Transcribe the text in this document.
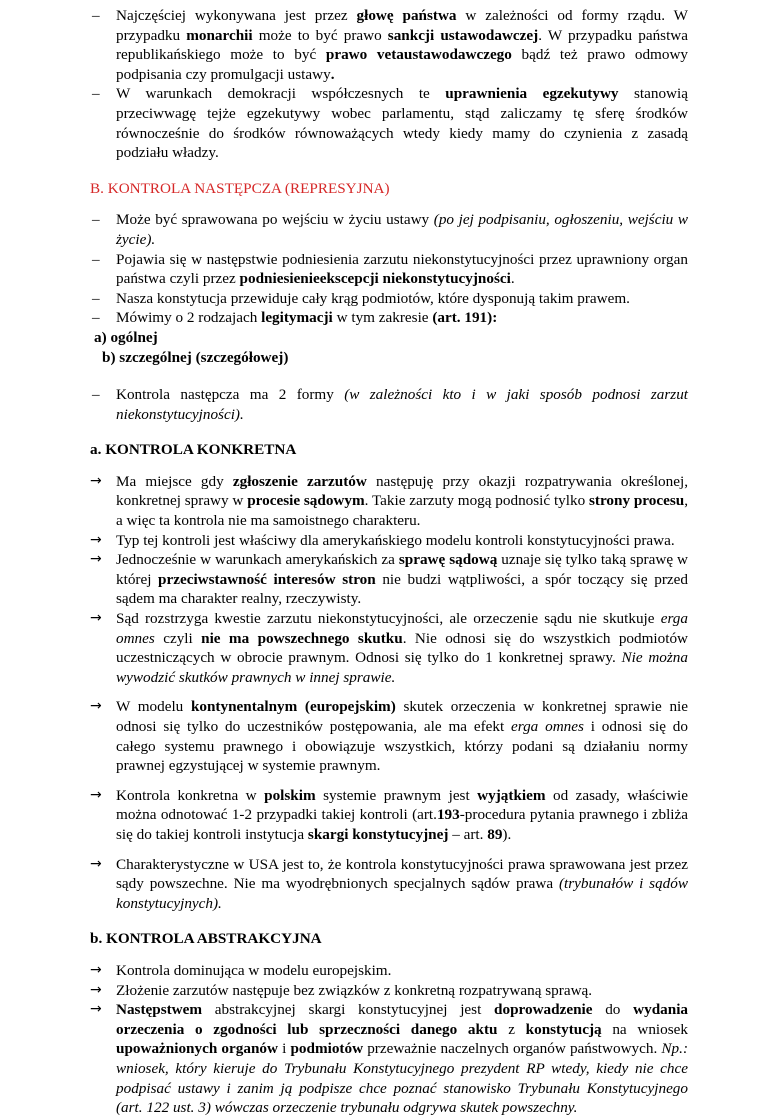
–	Najczęściej wykonywana jest przez głowę państwa w zależności od formy rządu. W przypadku monarchii może to być prawo sankcji ustawodawczej. W przypadku państwa republikańskiego może to być prawo vetaustawodawczego bądź też prawo odmowy podpisania czy promulgacji ustawy.
–	W warunkach demokracji współczesnych te uprawnienia egzekutywy stanowią przeciwwagę tejże egzekutywy wobec parlamentu, stąd zaliczamy tę sferę środków równocześnie do środków równoważących wtedy kiedy mamy do czynienia z zasadą podziału władzy.
B. KONTROLA NASTĘPCZA (REPRESYJNA)
–	Może być sprawowana po wejściu w życiu ustawy (po jej podpisaniu, ogłoszeniu, wejściu w życie).
–	Pojawia się w następstwie podniesienia zarzutu niekonstytucyjności przez uprawniony organ państwa czyli przez podniesienieekscepcji niekonstytucyjności.
–	Nasza konstytucja przewiduje cały krąg podmiotów, które dysponują takim prawem.
–	Mówimy o 2 rodzajach legitymacji w tym zakresie (art. 191):
a) ogólnej
b) szczególnej (szczegółowej)
–	Kontrola następcza ma 2 formy (w zależności kto i w jaki sposób podnosi zarzut niekonstytucyjności).
a. KONTROLA KONKRETNA
→ Ma miejsce gdy zgłoszenie zarzutów następuję przy okazji rozpatrywania określonej, konkretnej sprawy w procesie sądowym. Takie zarzuty mogą podnosić tylko strony procesu, a więc ta kontrola nie ma samoistnego charakteru.
→ Typ tej kontroli jest właściwy dla amerykańskiego modelu kontroli konstytucyjności prawa.
→ Jednocześnie w warunkach amerykańskich za sprawę sądową uznaje się tylko taką sprawę w której przeciwstawność interesów stron nie budzi wątpliwości, a spór toczący się przed sądem ma charakter realny, rzeczywisty.
→ Sąd rozstrzyga kwestie zarzutu niekonstytucyjności, ale orzeczenie sądu nie skutkuje erga omnes czyli nie ma powszechnego skutku. Nie odnosi się do wszystkich podmiotów uczestniczących w obrocie prawnym. Odnosi się tylko do 1 konkretnej sprawy. Nie można wywodzić skutków prawnych w innej sprawie.
→ W modelu kontynentalnym (europejskim) skutek orzeczenia w konkretnej sprawie nie odnosi się tylko do uczestników postępowania, ale ma efekt erga omnes i odnosi się do całego systemu prawnego i obowiązuje wszystkich, którzy podani są działaniu normy prawnej egzystującej w systemie prawnym.
→ Kontrola konkretna w polskim systemie prawnym jest wyjątkiem od zasady, właściwie można odnotować 1-2 przypadki takiej kontroli (art.193-procedura pytania prawnego i zbliża się do takiej kontroli instytucja skargi konstytucyjnej – art. 89).
→ Charakterystyczne w USA jest to, że kontrola konstytucyjności prawa sprawowana jest przez sądy powszechne. Nie ma wyodrębnionych specjalnych sądów prawa (trybunałów i sądów konstytucyjnych).
b. KONTROLA ABSTRAKCYJNA
→ Kontrola dominująca w modelu europejskim.
→ Złożenie zarzutów następuje bez związków z konkretną rozpatrywaną sprawą.
→ Następstwem abstrakcyjnej skargi konstytucyjnej jest doprowadzenie do wydania orzeczenia o zgodności lub sprzeczności danego aktu z konstytucją na wniosek upoważnionych organów i podmiotów przeważnie naczelnych organów państwowych. Np.: wniosek, który kieruje do Trybunału Konstytucyjnego prezydent RP wtedy, kiedy nie chce podpisać ustawy i zanim ją podpisze chce poznać stanowisko Trybunału Konstytucyjnego (art. 122 ust. 3) wówczas orzeczenie trybunału odgrywa skutek powszechny.
